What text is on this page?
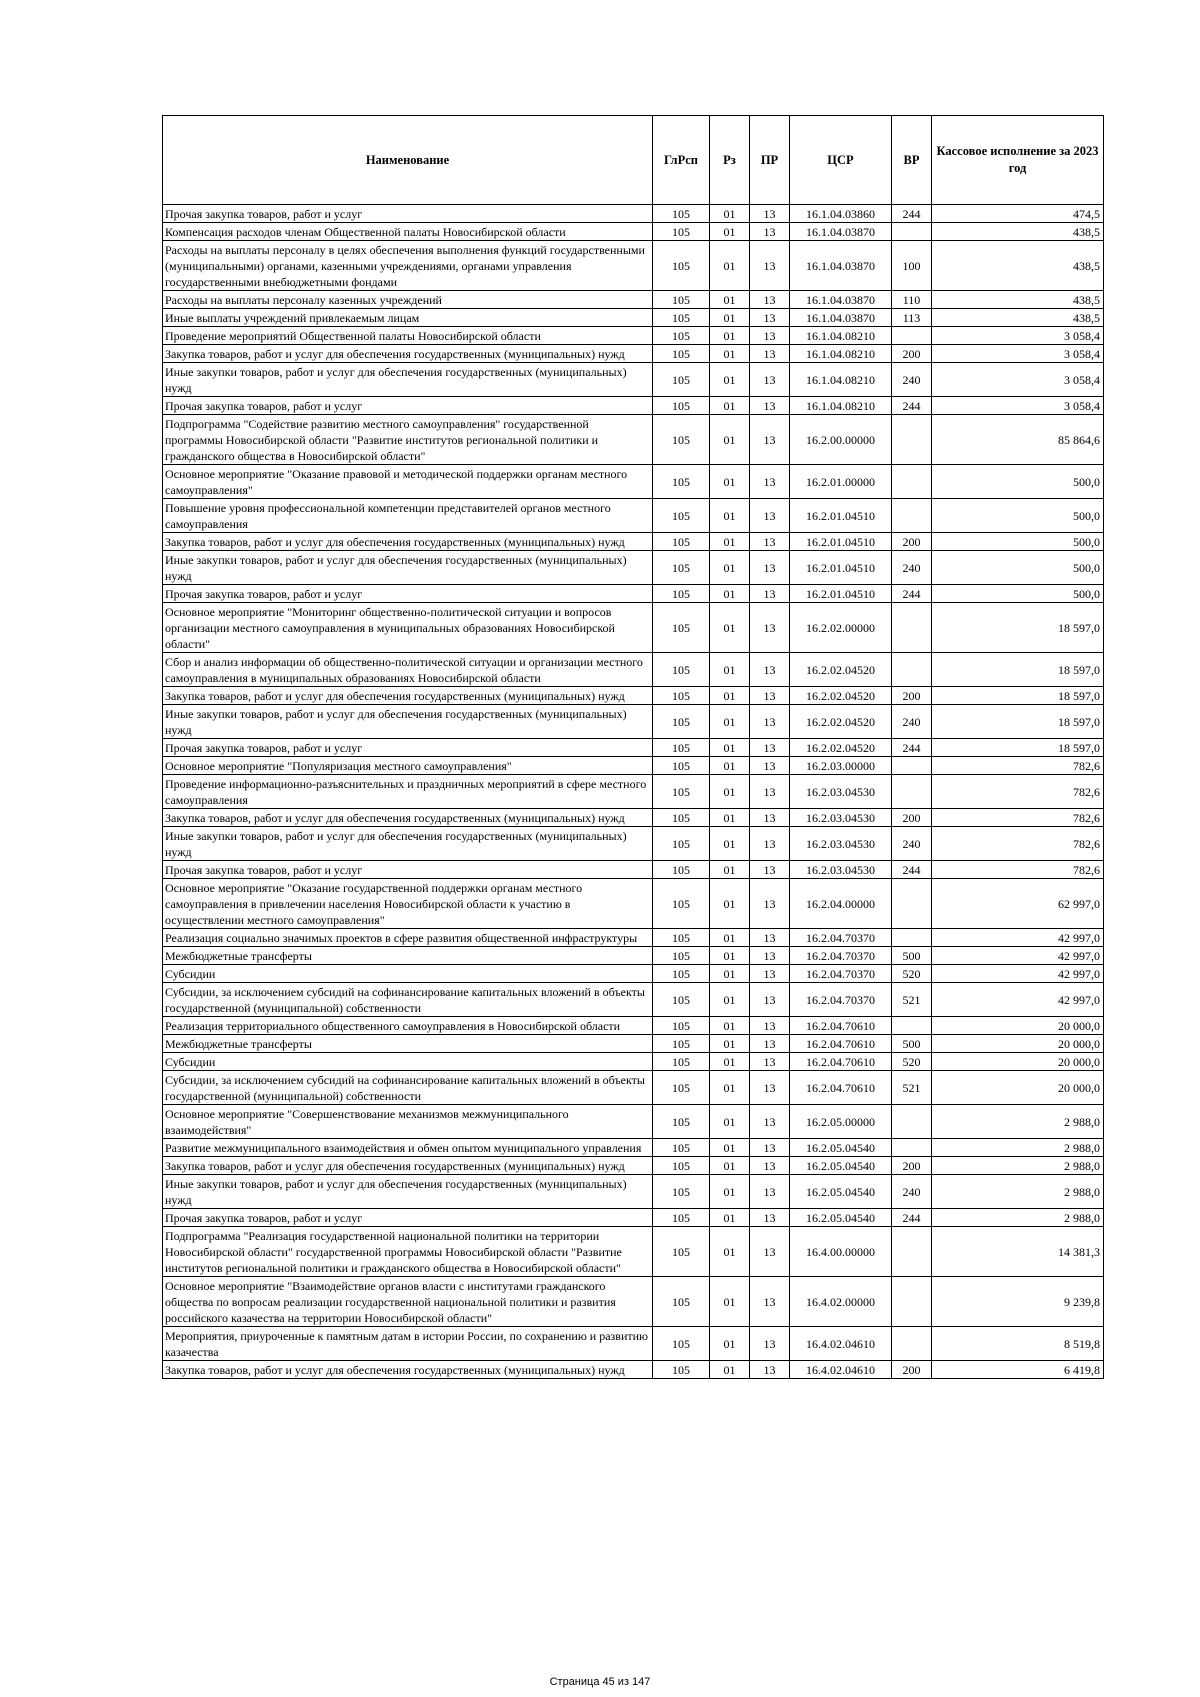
Наименование	ГлРсп	Рз	ПР	ЦСР	ВР	Кассовое исполнение за 2023 год
Прочая закупка товаров, работ и услуг	105	01	13	16.1.04.03860	244	474,5
Компенсация расходов членам Общественной палаты Новосибирской области	105	01	13	16.1.04.03870		438,5
Расходы на выплаты персоналу в целях обеспечения выполнения функций государственными (муниципальными) органами, казенными учреждениями, органами управления государственными внебюджетными фондами	105	01	13	16.1.04.03870	100	438,5
Расходы на выплаты персоналу казенных учреждений	105	01	13	16.1.04.03870	110	438,5
Иные выплаты учреждений привлекаемым лицам	105	01	13	16.1.04.03870	113	438,5
Проведение мероприятий Общественной палаты Новосибирской области	105	01	13	16.1.04.08210		3 058,4
Закупка товаров, работ и услуг для обеспечения государственных (муниципальных) нужд	105	01	13	16.1.04.08210	200	3 058,4
Иные закупки товаров, работ и услуг для обеспечения государственных (муниципальных) нужд	105	01	13	16.1.04.08210	240	3 058,4
Прочая закупка товаров, работ и услуг	105	01	13	16.1.04.08210	244	3 058,4
Подпрограмма "Содействие развитию местного самоуправления" государственной программы Новосибирской области "Развитие институтов региональной политики и гражданского общества в Новосибирской области"	105	01	13	16.2.00.00000		85 864,6
Основное мероприятие "Оказание правовой и методической поддержки органам местного самоуправления"	105	01	13	16.2.01.00000		500,0
Повышение уровня профессиональной компетенции представителей органов местного самоуправления	105	01	13	16.2.01.04510		500,0
Закупка товаров, работ и услуг для обеспечения государственных (муниципальных) нужд	105	01	13	16.2.01.04510	200	500,0
Иные закупки товаров, работ и услуг для обеспечения государственных (муниципальных) нужд	105	01	13	16.2.01.04510	240	500,0
Прочая закупка товаров, работ и услуг	105	01	13	16.2.01.04510	244	500,0
Основное мероприятие "Мониторинг общественно-политической ситуации и вопросов организации местного самоуправления в муниципальных образованиях Новосибирской области"	105	01	13	16.2.02.00000		18 597,0
Сбор и анализ информации об общественно-политической ситуации и организации местного самоуправления в муниципальных образованиях Новосибирской области	105	01	13	16.2.02.04520		18 597,0
Закупка товаров, работ и услуг для обеспечения государственных (муниципальных) нужд	105	01	13	16.2.02.04520	200	18 597,0
Иные закупки товаров, работ и услуг для обеспечения государственных (муниципальных) нужд	105	01	13	16.2.02.04520	240	18 597,0
Прочая закупка товаров, работ и услуг	105	01	13	16.2.02.04520	244	18 597,0
Основное мероприятие "Популяризация местного самоуправления"	105	01	13	16.2.03.00000		782,6
Проведение информационно-разъяснительных и праздничных мероприятий в сфере местного самоуправления	105	01	13	16.2.03.04530		782,6
Закупка товаров, работ и услуг для обеспечения государственных (муниципальных) нужд	105	01	13	16.2.03.04530	200	782,6
Иные закупки товаров, работ и услуг для обеспечения государственных (муниципальных) нужд	105	01	13	16.2.03.04530	240	782,6
Прочая закупка товаров, работ и услуг	105	01	13	16.2.03.04530	244	782,6
Основное мероприятие "Оказание государственной поддержки органам местного самоуправления в привлечении населения Новосибирской области к участию в осуществлении местного самоуправления"	105	01	13	16.2.04.00000		62 997,0
Реализация социально значимых проектов в сфере развития общественной инфраструктуры	105	01	13	16.2.04.70370		42 997,0
Межбюджетные трансферты	105	01	13	16.2.04.70370	500	42 997,0
Субсидии	105	01	13	16.2.04.70370	520	42 997,0
Субсидии, за исключением субсидий на софинансирование капитальных вложений в объекты государственной (муниципальной) собственности	105	01	13	16.2.04.70370	521	42 997,0
Реализация территориального общественного самоуправления в Новосибирской области	105	01	13	16.2.04.70610		20 000,0
Межбюджетные трансферты	105	01	13	16.2.04.70610	500	20 000,0
Субсидии	105	01	13	16.2.04.70610	520	20 000,0
Субсидии, за исключением субсидий на софинансирование капитальных вложений в объекты государственной (муниципальной) собственности	105	01	13	16.2.04.70610	521	20 000,0
Основное мероприятие "Совершенствование механизмов межмуниципального взаимодействия"	105	01	13	16.2.05.00000		2 988,0
Развитие межмуниципального взаимодействия и обмен опытом муниципального управления	105	01	13	16.2.05.04540		2 988,0
Закупка товаров, работ и услуг для обеспечения государственных (муниципальных) нужд	105	01	13	16.2.05.04540	200	2 988,0
Иные закупки товаров, работ и услуг для обеспечения государственных (муниципальных) нужд	105	01	13	16.2.05.04540	240	2 988,0
Прочая закупка товаров, работ и услуг	105	01	13	16.2.05.04540	244	2 988,0
Подпрограмма "Реализация государственной национальной политики на территории Новосибирской области" государственной программы Новосибирской области "Развитие институтов региональной политики и гражданского общества в Новосибирской области"	105	01	13	16.4.00.00000		14 381,3
Основное мероприятие "Взаимодействие органов власти с институтами гражданского общества по вопросам реализации государственной национальной политики и развития российского казачества на территории Новосибирской области"	105	01	13	16.4.02.00000		9 239,8
Мероприятия, приуроченные к памятным датам в истории России, по сохранению и развитию казачества	105	01	13	16.4.02.04610		8 519,8
Закупка товаров, работ и услуг для обеспечения государственных (муниципальных) нужд	105	01	13	16.4.02.04610	200	6 419,8
Страница 45 из 147
